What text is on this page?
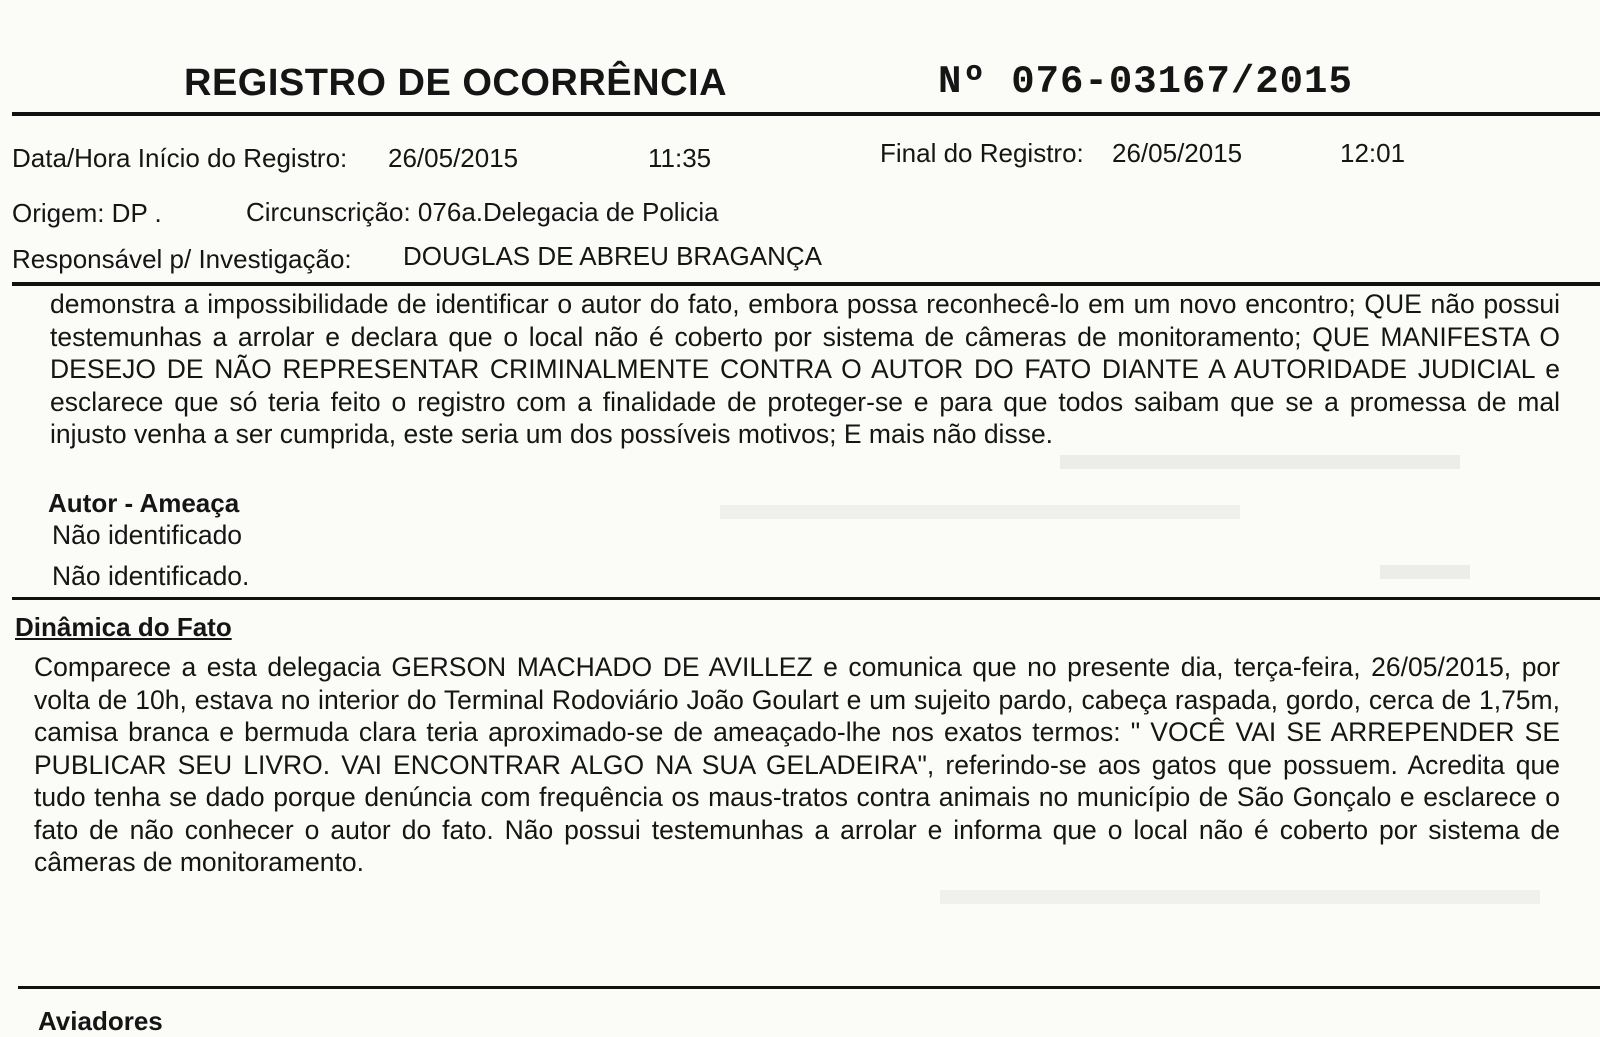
REGISTRO DE OCORRÊNCIA	Nº 076-03167/2015
Data/Hora Início do Registro: 26/05/2015	11:35	Final do Registro: 26/05/2015	12:01
Origem: DP .	Circunscrição: 076a.Delegacia de Policia
Responsável p/ Investigação: DOUGLAS DE ABREU BRAGANÇA
demonstra a impossibilidade de identificar o autor do fato, embora possa reconhecê-lo em um novo encontro; QUE não possui testemunhas a arrolar e declara que o local não é coberto por sistema de câmeras de monitoramento; QUE MANIFESTA O DESEJO DE NÃO REPRESENTAR CRIMINALMENTE CONTRA O AUTOR DO FATO DIANTE A AUTORIDADE JUDICIAL e esclarece que só teria feito o registro com a finalidade de proteger-se e para que todos saibam que se a promessa de mal injusto venha a ser cumprida, este seria um dos possíveis motivos; E mais não disse.
Autor - Ameaça
Não identificado
Não identificado.
Dinâmica do Fato
Comparece a esta delegacia GERSON MACHADO DE AVILLEZ e comunica que no presente dia, terça-feira, 26/05/2015, por volta de 10h, estava no interior do Terminal Rodoviário João Goulart e um sujeito pardo, cabeça raspada, gordo, cerca de 1,75m, camisa branca e bermuda clara teria aproximado-se de ameaçado-lhe nos exatos termos: " VOCÊ VAI SE ARREPENDER SE PUBLICAR SEU LIVRO. VAI ENCONTRAR ALGO NA SUA GELADEIRA", referindo-se aos gatos que possuem. Acredita que tudo tenha se dado porque denúncia com frequência os maus-tratos contra animais no município de São Gonçalo e esclarece o fato de não conhecer o autor do fato. Não possui testemunhas a arrolar e informa que o local não é coberto por sistema de câmeras de monitoramento.
Aviadores
